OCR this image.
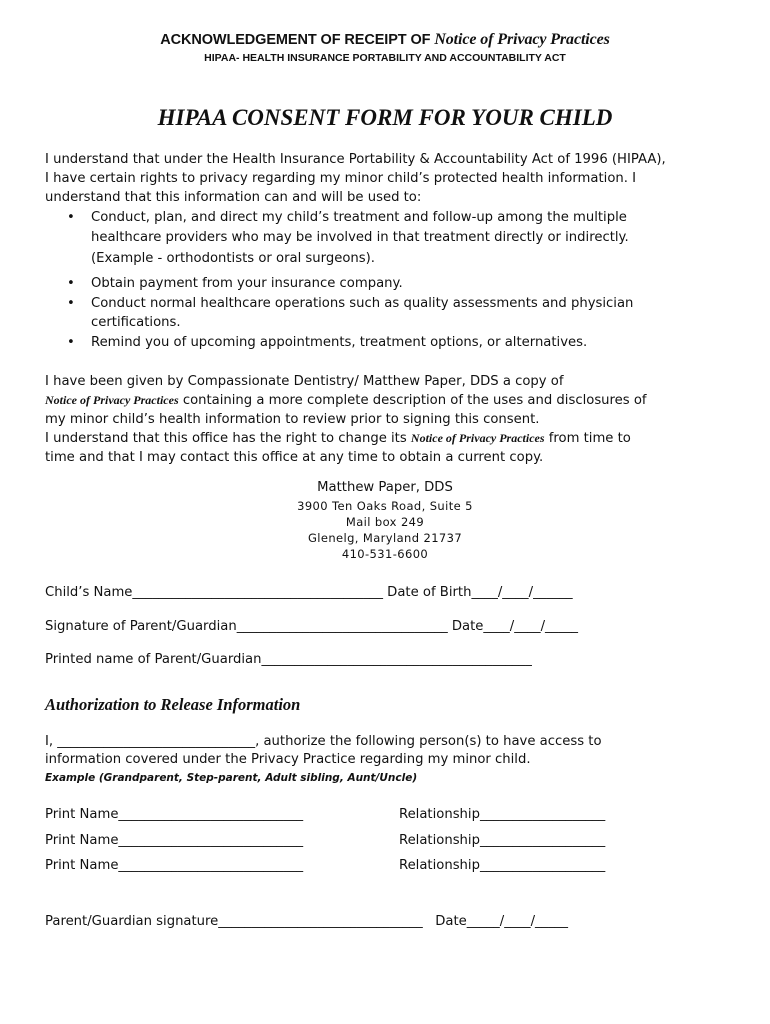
ACKNOWLEDGEMENT OF RECEIPT OF Notice of Privacy Practices
HIPAA- HEALTH INSURANCE PORTABILITY AND ACCOUNTABILITY ACT
HIPAA CONSENT FORM FOR YOUR CHILD
I understand that under the Health Insurance Portability & Accountability Act of 1996 (HIPAA),
I have certain rights to privacy regarding my minor child’s protected health information. I
understand that this information can and will be used to:
• Conduct, plan, and direct my child’s treatment and follow-up among the multiple
healthcare providers who may be involved in that treatment directly or indirectly.
(Example - orthodontists or oral surgeons).
• Obtain payment from your insurance company.
• Conduct normal healthcare operations such as quality assessments and physician
certifications.
• Remind you of upcoming appointments, treatment options, or alternatives.
I have been given by Compassionate Dentistry/ Matthew Paper, DDS a copy of
Notice of Privacy Practices containing a more complete description of the uses and disclosures of
my minor child’s health information to review prior to signing this consent.
I understand that this office has the right to change its Notice of Privacy Practices from time to
time and that I may contact this office at any time to obtain a current copy.
Matthew Paper, DDS
3900 Ten Oaks Road, Suite 5
Mail box 249
Glenelg, Maryland 21737
410-531-6600
Child’s Name______________________________________ Date of Birth____/____/______
Signature of Parent/Guardian________________________________ Date____/____/_____
Printed name of Parent/Guardian_________________________________________
Authorization to Release Information
I, ______________________________, authorize the following person(s) to have access to
information covered under the Privacy Practice regarding my minor child.
Example (Grandparent, Step-parent, Adult sibling, Aunt/Uncle)
Print Name____________________________	Relationship___________________
Print Name____________________________	Relationship___________________
Print Name____________________________	Relationship___________________
Parent/Guardian signature_______________________________   Date_____/____/_____
